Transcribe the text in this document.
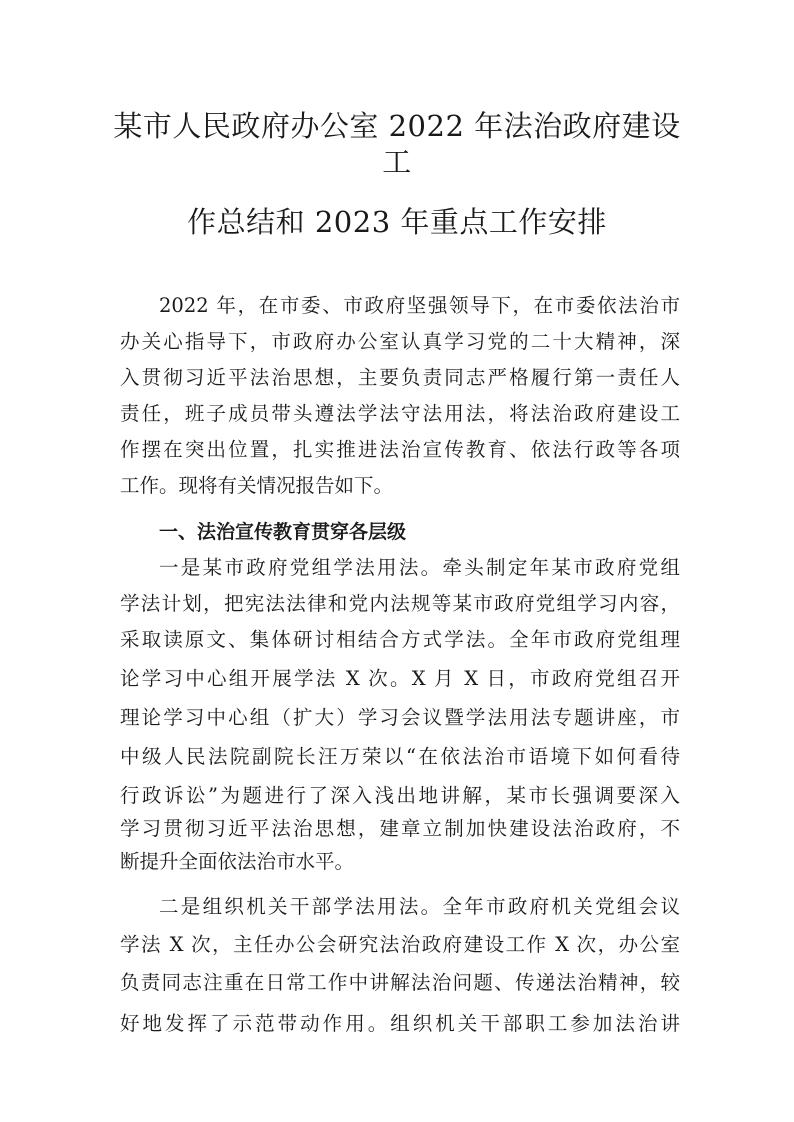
某市人民政府办公室 2022 年法治政府建设
工
作总结和 2023 年重点工作安排
2022 年，在市委、市政府坚强领导下，在市委依法治市
办关心指导下，市政府办公室认真学习党的二十大精神，深
入贯彻习近平法治思想，主要负责同志严格履行第一责任人
责任，班子成员带头遵法学法守法用法，将法治政府建设工
作摆在突出位置，扎实推进法治宣传教育、依法行政等各项
工作。现将有关情况报告如下。
一、法治宣传教育贯穿各层级
一是某市政府党组学法用法。牵头制定年某市政府党组
学法计划，把宪法法律和党内法规等某市政府党组学习内容，
采取读原文、集体研讨相结合方式学法。全年市政府党组理
论学习中心组开展学法 X 次。X 月 X 日，市政府党组召开
理论学习中心组（扩大）学习会议暨学法用法专题讲座，市
中级人民法院副院长汪万荣以“在依法治市语境下如何看待
行政诉讼”为题进行了深入浅出地讲解，某市长强调要深入
学习贯彻习近平法治思想，建章立制加快建设法治政府，不
断提升全面依法治市水平。
二是组织机关干部学法用法。全年市政府机关党组会议
学法 X 次，主任办公会研究法治政府建设工作 X 次，办公室
负责同志注重在日常工作中讲解法治问题、传递法治精神，较
好地发挥了示范带动作用。组织机关干部职工参加法治讲
